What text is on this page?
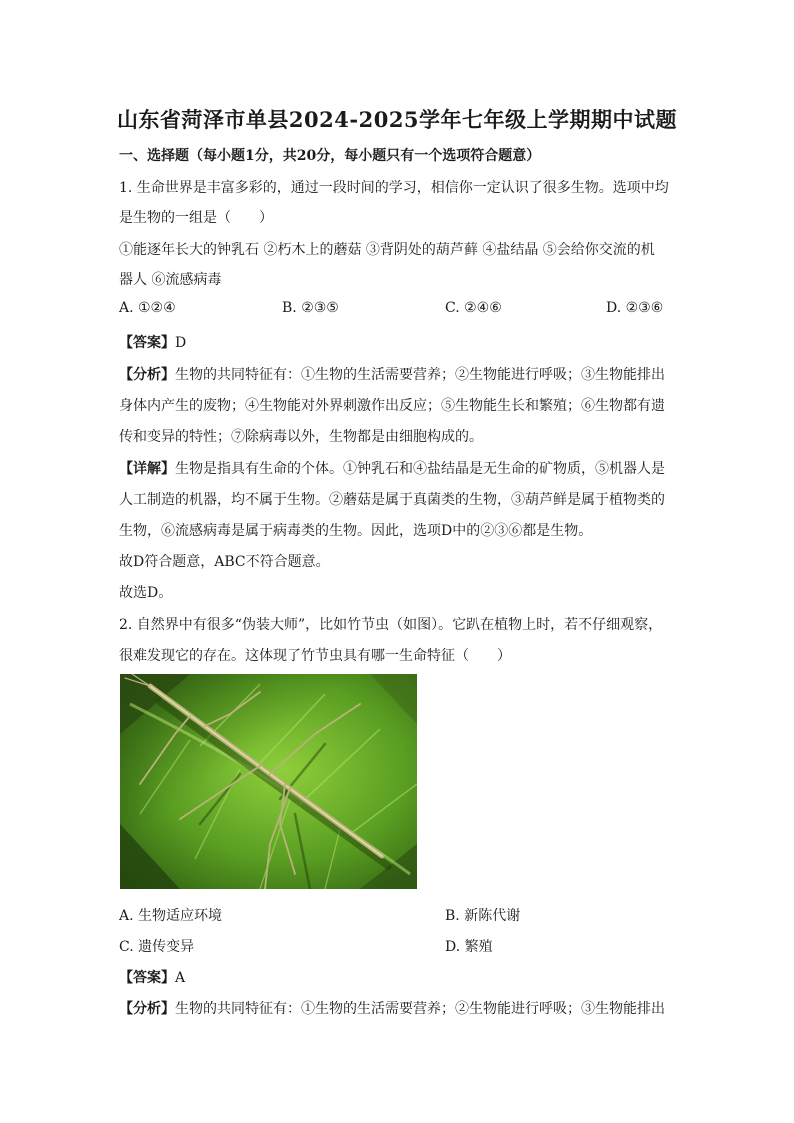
山东省菏泽市单县2024-2025学年七年级上学期期中试题
一、选择题（每小题1分，共20分，每小题只有一个选项符合题意）
1. 生命世界是丰富多彩的，通过一段时间的学习，相信你一定认识了很多生物。选项中均
是生物的一组是（　　）
①能逐年长大的钟乳石 ②朽木上的蘑菇 ③背阴处的葫芦藓 ④盐结晶 ⑤会给你交流的机
器人 ⑥流感病毒
A. ①②④	B. ②③⑤	C. ②④⑥	D. ②③⑥
【答案】D
【分析】生物的共同特征有：①生物的生活需要营养；②生物能进行呼吸；③生物能排出
身体内产生的废物；④生物能对外界刺激作出反应；⑤生物能生长和繁殖；⑥生物都有遗
传和变异的特性；⑦除病毒以外，生物都是由细胞构成的。
【详解】生物是指具有生命的个体。①钟乳石和④盐结晶是无生命的矿物质，⑤机器人是
人工制造的机器，均不属于生物。②蘑菇是属于真菌类的生物，③葫芦鲜是属于植物类的
生物，⑥流感病毒是属于病毒类的生物。因此，选项D中的②③⑥都是生物。
故D符合题意，ABC不符合题意。
故选D。
2. 自然界中有很多“伪装大师”，比如竹节虫（如图）。它趴在植物上时，若不仔细观察，
很难发现它的存在。这体现了竹节虫具有哪一生命特征（　　）
A. 生物适应环境	B. 新陈代谢
C. 遗传变异	D. 繁殖
【答案】A
【分析】生物的共同特征有：①生物的生活需要营养；②生物能进行呼吸；③生物能排出
